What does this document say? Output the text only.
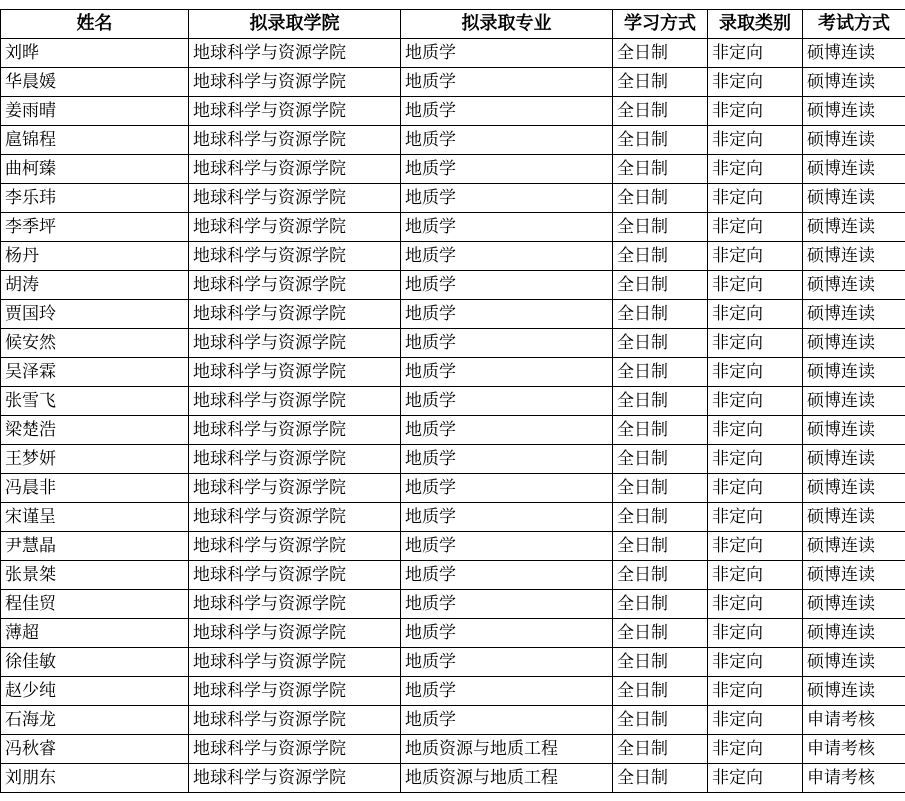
姓名	拟录取学院	拟录取专业	学习方式	录取类别	考试方式
刘晔	地球科学与资源学院	地质学	全日制	非定向	硕博连读
华晨媛	地球科学与资源学院	地质学	全日制	非定向	硕博连读
姜雨晴	地球科学与资源学院	地质学	全日制	非定向	硕博连读
扈锦程	地球科学与资源学院	地质学	全日制	非定向	硕博连读
曲柯臻	地球科学与资源学院	地质学	全日制	非定向	硕博连读
李乐玮	地球科学与资源学院	地质学	全日制	非定向	硕博连读
李季坪	地球科学与资源学院	地质学	全日制	非定向	硕博连读
杨丹	地球科学与资源学院	地质学	全日制	非定向	硕博连读
胡涛	地球科学与资源学院	地质学	全日制	非定向	硕博连读
贾国玲	地球科学与资源学院	地质学	全日制	非定向	硕博连读
候安然	地球科学与资源学院	地质学	全日制	非定向	硕博连读
吴泽霖	地球科学与资源学院	地质学	全日制	非定向	硕博连读
张雪飞	地球科学与资源学院	地质学	全日制	非定向	硕博连读
梁楚浩	地球科学与资源学院	地质学	全日制	非定向	硕博连读
王梦妍	地球科学与资源学院	地质学	全日制	非定向	硕博连读
冯晨非	地球科学与资源学院	地质学	全日制	非定向	硕博连读
宋谨呈	地球科学与资源学院	地质学	全日制	非定向	硕博连读
尹慧晶	地球科学与资源学院	地质学	全日制	非定向	硕博连读
张景桀	地球科学与资源学院	地质学	全日制	非定向	硕博连读
程佳贸	地球科学与资源学院	地质学	全日制	非定向	硕博连读
薄超	地球科学与资源学院	地质学	全日制	非定向	硕博连读
徐佳敏	地球科学与资源学院	地质学	全日制	非定向	硕博连读
赵少纯	地球科学与资源学院	地质学	全日制	非定向	硕博连读
石海龙	地球科学与资源学院	地质学	全日制	非定向	申请考核
冯秋睿	地球科学与资源学院	地质资源与地质工程	全日制	非定向	申请考核
刘朋东	地球科学与资源学院	地质资源与地质工程	全日制	非定向	申请考核
